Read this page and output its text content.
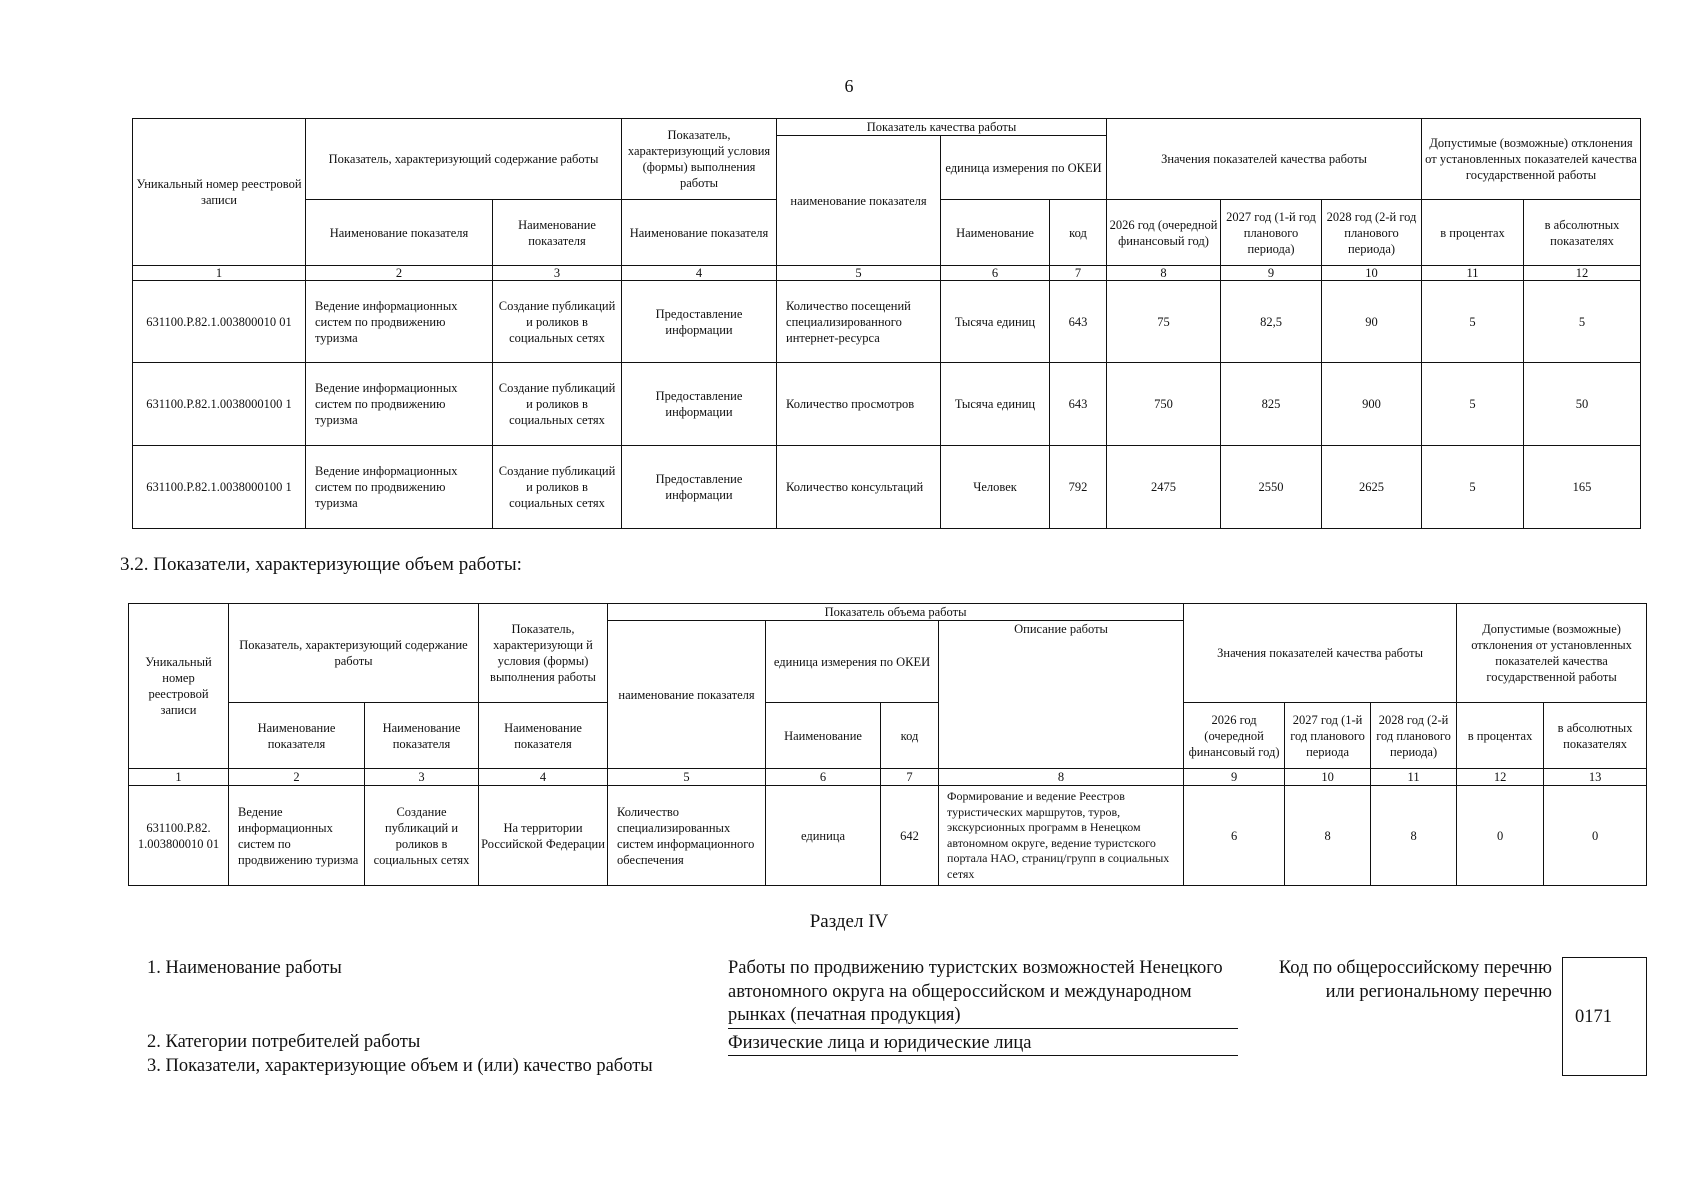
6
Уникальный номер реестровой записи	Показатель, характеризующий содержание работы		Показатель, характеризующий условия (формы) выполнения работы	Показатель качества работы			Значения показателей качества работы			Допустимые (возможные) отклонения от установленных показателей качества государственной работы	
				наименование показателя	единица измерения по ОКЕИ						
	Наименование показателя	Наименование показателя	Наименование показателя		Наименование	код	2026 год (очередной финансовый год)	2027 год (1-й год планового периода)	2028 год (2-й год планового периода)	в процентах	в абсолютных показателях
1	2	3	4	5	6	7	8	9	10	11	12
631100.Р.82.1.003800010 01	Ведение информационных систем по продвижению туризма	Создание публикаций и роликов в социальных сетях	Предоставление информации	Количество посещений специализированного интернет-ресурса	Тысяча единиц	643	75	82,5	90	5	5
631100.Р.82.1.0038000100 1	Ведение информационных систем по продвижению туризма	Создание публикаций и роликов в социальных сетях	Предоставление информации	Количество просмотров	Тысяча единиц	643	750	825	900	5	50
631100.Р.82.1.0038000100 1	Ведение информационных систем по продвижению туризма	Создание публикаций и роликов в социальных сетях	Предоставление информации	Количество консультаций	Человек	792	2475	2550	2625	5	165
3.2. Показатели, характеризующие объем работы:
Уникальный номер реестровой записи	Показатель, характеризующий содержание работы		Показатель, характеризующи й условия (формы) выполнения работы	Показатель объема работы				Значения показателей качества работы			Допустимые (возможные) отклонения от установленных показателей качества государственной работы	
				наименование показателя	единица измерения по ОКЕИ		Описание работы					
	Наименование показателя	Наименование показателя	Наименование показателя		Наименование	код		2026 год (очередной финансовый год)	2027 год (1-й год планового периода	2028 год (2-й год планового периода)	в процентах	в абсолютных показателях
1	2	3	4	5	6	7	8	9	10	11	12	13
631100.Р.82. 1.003800010 01	Ведение информационных систем по продвижению туризма	Создание публикаций и роликов в социальных сетях	На территории Российской Федерации	Количество специализированных систем информационного обеспечения	единица	642	Формирование и ведение Реестров туристических маршрутов, туров, экскурсионных программ в Ненецком автономном округе, ведение туристского портала НАО, страниц/групп в социальных сетях	6	8	8	0	0
Раздел IV
1. Наименование работы	Работы по продвижению туристских возможностей Ненецкого автономного округа на общероссийском и международном рынках (печатная продукция)
2. Категории потребителей работы	Физические лица и юридические лица
3. Показатели, характеризующие объем и (или) качество работы
Код по общероссийскому перечню или региональному перечню
0171
